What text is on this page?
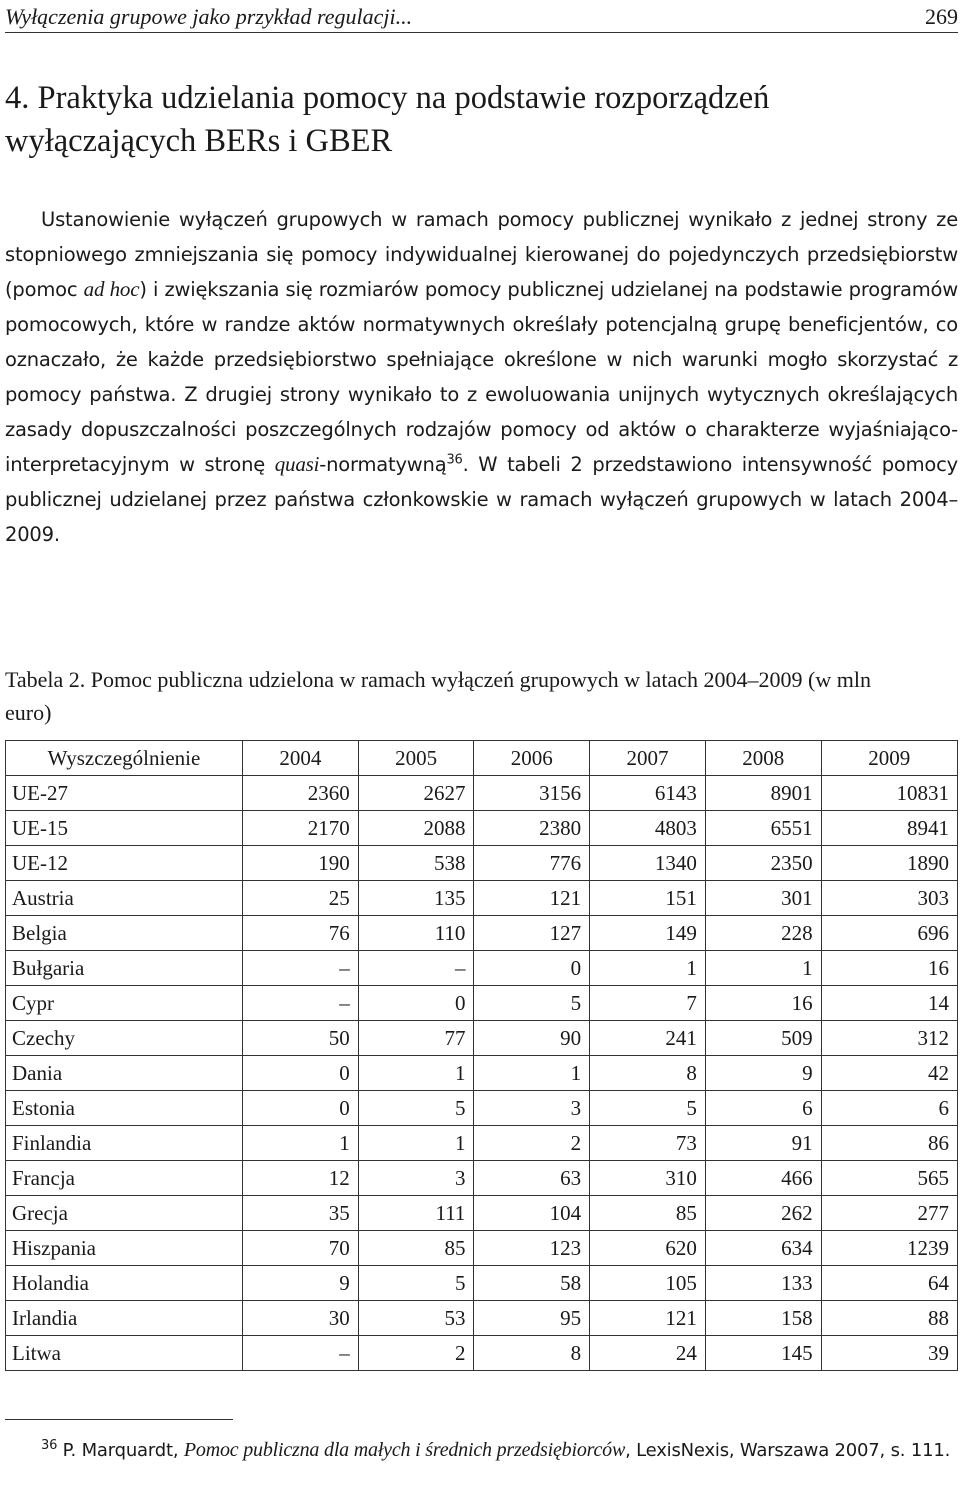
Wyłączenia grupowe jako przykład regulacji...	269
4. Praktyka udzielania pomocy na podstawie rozporządzeń wyłączających BERs i GBER

Ustanowienie wyłączeń grupowych w ramach pomocy publicznej wynikało z jednej strony ze stopniowego zmniejszania się pomocy indywidualnej kierowanej do pojedynczych przedsiębiorstw (pomoc ad hoc) i zwiększania się rozmiarów pomocy publicznej udzielanej na podstawie programów pomocowych, które w randze aktów normatywnych określały potencjalną grupę beneficjentów, co oznaczało, że każde przedsiębiorstwo spełniające określone w nich warunki mogło skorzystać z pomocy państwa. Z drugiej strony wynikało to z ewoluowania unijnych wytycznych określających zasady dopuszczalności poszczególnych rodzajów pomocy od aktów o charakterze wyjaśniająco-interpretacyjnym w stronę quasi-normatywną$^{36}$. W tabeli 2 przedstawiono intensywność pomocy publicznej udzielanej przez państwa członkowskie w ramach wyłączeń grupowych w latach 2004–2009.

Tabela 2. Pomoc publiczna udzielona w ramach wyłączeń grupowych w latach 2004–2009 (w mln euro)

Wyszczególnienie	2004	2005	2006	2007	2008	2009
UE-27	2360	2627	3156	6143	8901	10831
UE-15	2170	2088	2380	4803	6551	8941
UE-12	190	538	776	1340	2350	1890
Austria	25	135	121	151	301	303
Belgia	76	110	127	149	228	696
Bułgaria	–	–	0	1	1	16
Cypr	–	0	5	7	16	14
Czechy	50	77	90	241	509	312
Dania	0	1	1	8	9	42
Estonia	0	5	3	5	6	6
Finlandia	1	1	2	73	91	86
Francja	12	3	63	310	466	565
Grecja	35	111	104	85	262	277
Hiszpania	70	85	123	620	634	1239
Holandia	9	5	58	105	133	64
Irlandia	30	53	95	121	158	88
Litwa	–	2	8	24	145	39

$^{36}$ P. Marquardt, Pomoc publiczna dla małych i średnich przedsiębiorców, LexisNexis, Warszawa 2007, s. 111.
